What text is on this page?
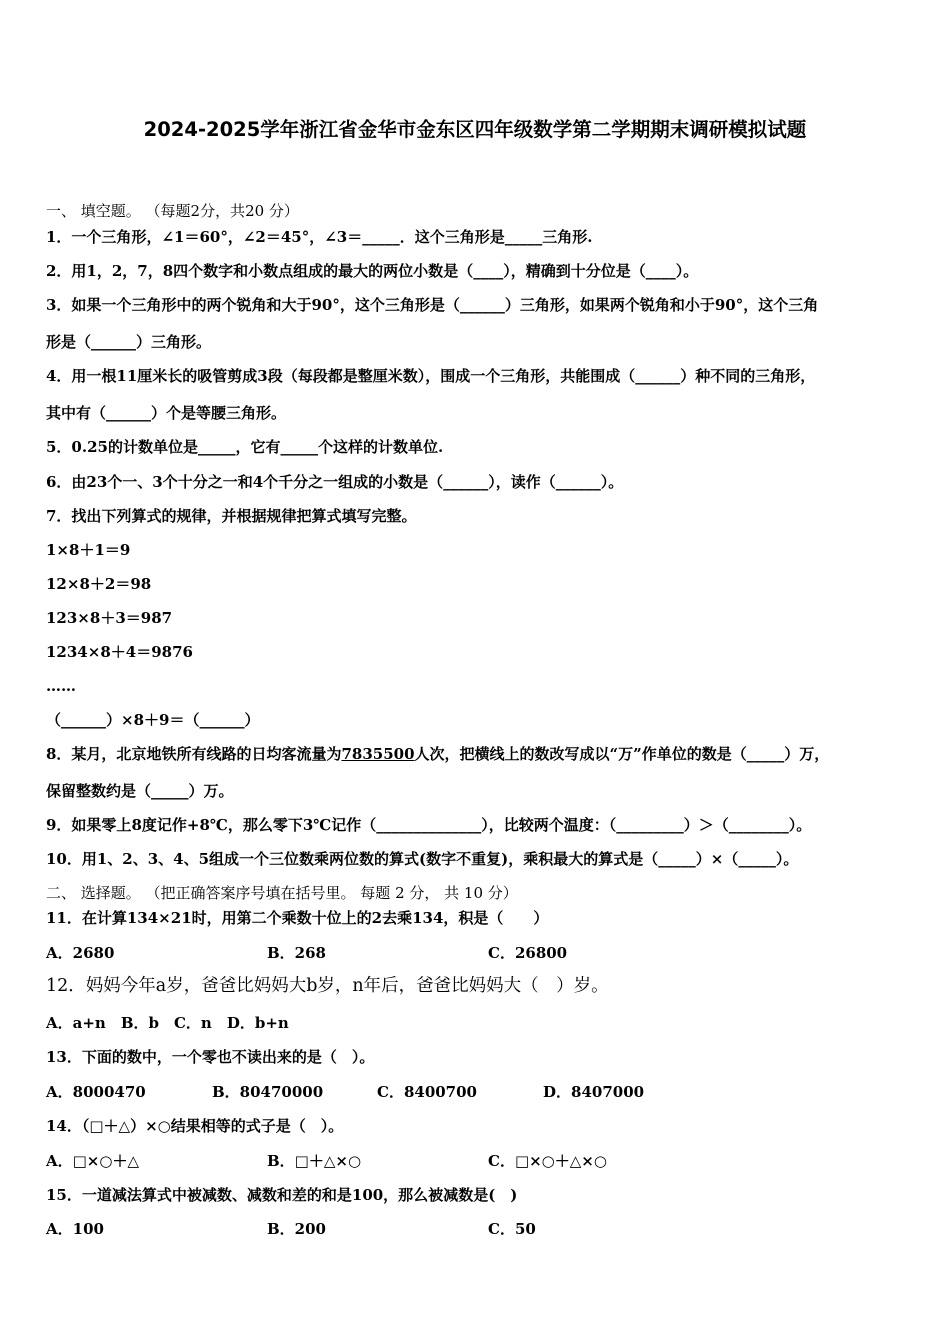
2024-2025学年浙江省金华市金东区四年级数学第二学期期末调研模拟试题
一、 填空题。 （每题2分，共20 分）
1．一个三角形，∠1＝60°，∠2＝45°，∠3＝_____．这个三角形是_____三角形.
2．用1，2，7，8四个数字和小数点组成的最大的两位小数是（____），精确到十分位是（____）。
3．如果一个三角形中的两个锐角和大于90°，这个三角形是（______）三角形，如果两个锐角和小于90°，这个三角
形是（______）三角形。
4．用一根11厘米长的吸管剪成3段（每段都是整厘米数），围成一个三角形，共能围成（______）种不同的三角形，
其中有（______）个是等腰三角形。
5．0.25的计数单位是_____，它有_____个这样的计数单位.
6．由23个一、3个十分之一和4个千分之一组成的小数是（______），读作（______）。
7．找出下列算式的规律，并根据规律把算式填写完整。
1×8＋1＝9
12×8＋2＝98
123×8＋3＝987
1234×8＋4＝9876
……
（______）×8＋9＝（______）
8．某月，北京地铁所有线路的日均客流量为7835500人次，把横线上的数改写成以“万”作单位的数是（_____）万，
保留整数约是（_____）万。
9．如果零上8度记作+8℃，那么零下3℃记作（______________），比较两个温度：（_________）＞（________）。
10．用1、2、3、4、5组成一个三位数乘两位数的算式(数字不重复)，乘积最大的算式是（_____）×（_____）。
二、 选择题。 （把正确答案序号填在括号里。 每题 2 分， 共 10 分）
11．在计算134×21时，用第二个乘数十位上的2去乘134，积是（　　）
A．2680	B．268	C．26800
12．妈妈今年a岁，爸爸比妈妈大b岁，n年后，爸爸比妈妈大（　）岁。
A．a+n　B．b　C．n　D．b+n
13．下面的数中，一个零也不读出来的是（　）。
A．8000470	B．80470000	C．8400700	D．8407000
14．（□＋△）×○结果相等的式子是（　）。
A．□×○＋△	B．□＋△×○	C．□×○＋△×○
15．一道减法算式中被减数、减数和差的和是100，那么被减数是(　)
A．100	B．200	C．50
